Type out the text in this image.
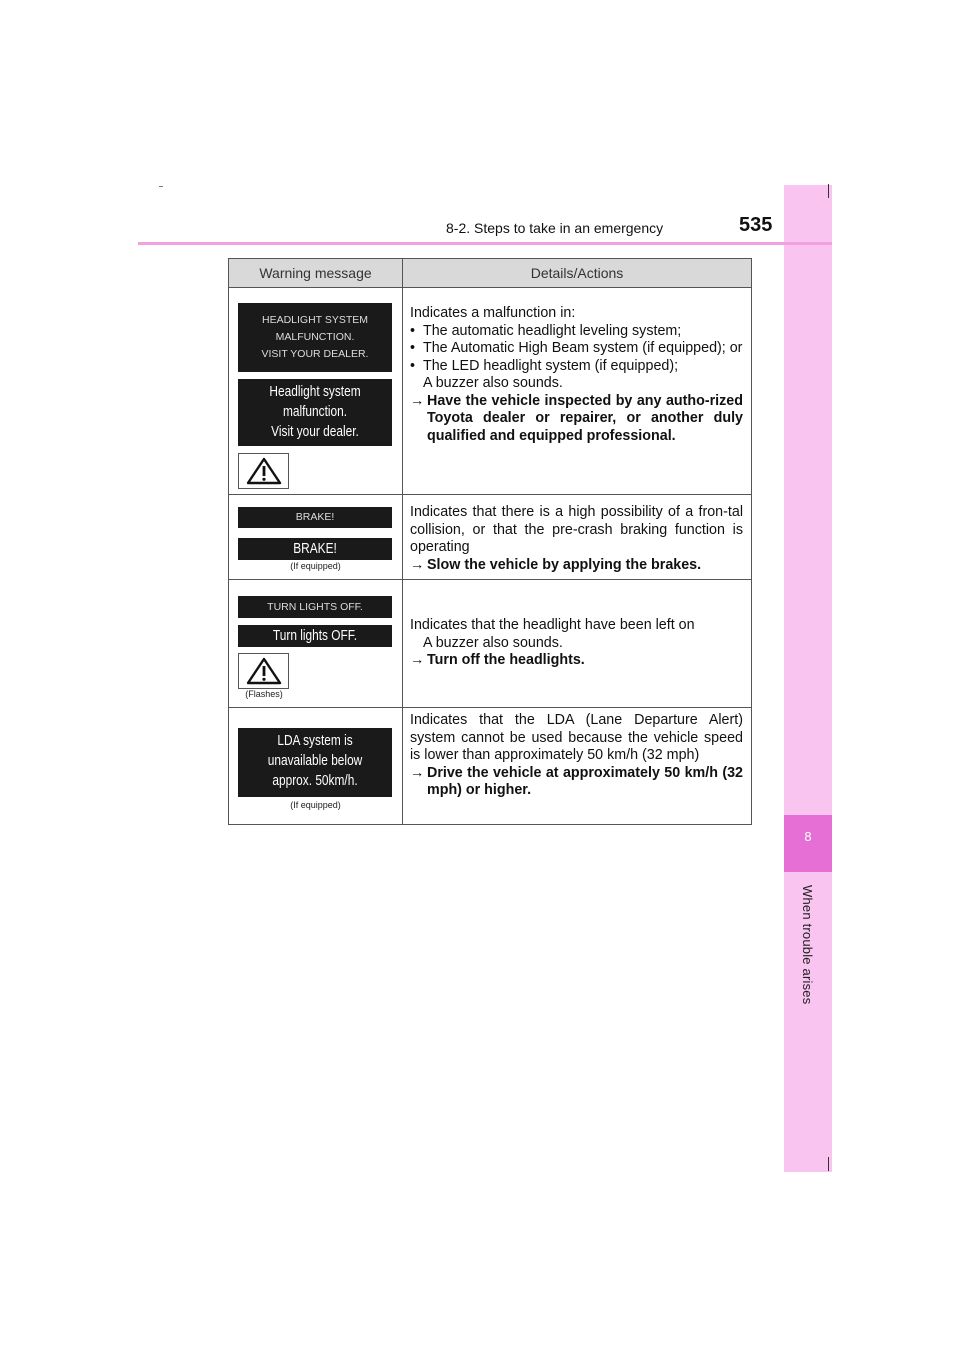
8
When trouble arises
8-2. Steps to take in an emergency	535
Warning message	Details/Actions
HEADLIGHT SYSTEM
MALFUNCTION.
VISIT YOUR DEALER.
Headlight system
malfunction.
Visit your dealer.

Indicates a malfunction in:

• The automatic headlight leveling system;
• The Automatic High Beam system (if equipped); or
• The LED headlight system (if equipped);

A buzzer also sounds.

→ Have the vehicle inspected by any autho-rized Toyota dealer or repairer, or another duly qualified and equipped professional.
BRAKE!
BRAKE!
(If equipped)

Indicates that there is a high possibility of a fron-tal collision, or that the pre-crash braking function is operating

→ Slow the vehicle by applying the brakes.
TURN LIGHTS OFF.
Turn lights OFF.
(Flashes)

Indicates that the headlight have been left on

A buzzer also sounds.

→ Turn off the headlights.
LDA system is
unavailable below
approx. 50km/h.
(If equipped)

Indicates that the LDA (Lane Departure Alert) system cannot be used because the vehicle speed is lower than approximately 50 km/h (32 mph)

→ Drive the vehicle at approximately 50 km/h (32 mph) or higher.
